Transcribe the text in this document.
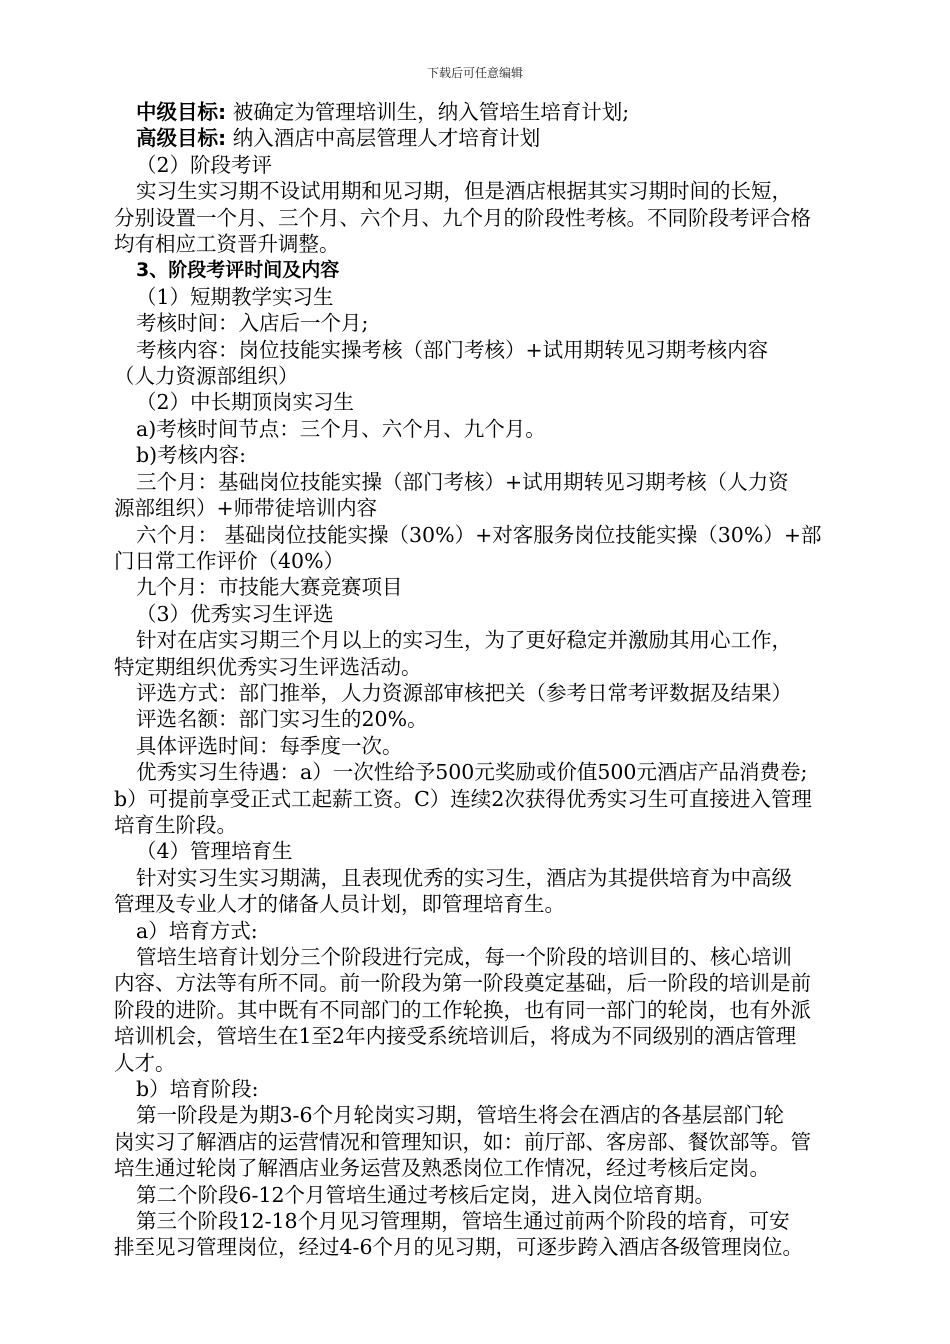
下载后可任意编辑

中级目标: 被确定为管理培训生，纳入管培生培育计划;

高级目标: 纳入酒店中高层管理人才培育计划

（2）阶段考评

实习生实习期不设试用期和见习期，但是酒店根据其实习期时间的长短，

分别设置一个月、三个月、六个月、九个月的阶段性考核。不同阶段考评合格

均有相应工资晋升调整。

3、阶段考评时间及内容

（1）短期教学实习生

考核时间：入店后一个月;

考核内容：岗位技能实操考核（部门考核）+试用期转见习期考核内容

（人力资源部组织）

（2）中长期顶岗实习生

a)考核时间节点：三个月、六个月、九个月。

b)考核内容:

三个月：基础岗位技能实操（部门考核）+试用期转见习期考核（人力资

源部组织）+师带徒培训内容

六个月： 基础岗位技能实操（30%）+对客服务岗位技能实操（30%）+部

门日常工作评价（40%）

九个月：市技能大赛竞赛项目

（3）优秀实习生评选

针对在店实习期三个月以上的实习生，为了更好稳定并激励其用心工作，

特定期组织优秀实习生评选活动。

评选方式：部门推举，人力资源部审核把关（参考日常考评数据及结果）

评选名额：部门实习生的20%。

具体评选时间：每季度一次。

优秀实习生待遇：a）一次性给予500元奖励或价值500元酒店产品消费卷;

b）可提前享受正式工起薪工资。C）连续2次获得优秀实习生可直接进入管理

培育生阶段。

（4）管理培育生

针对实习生实习期满，且表现优秀的实习生，酒店为其提供培育为中高级

管理及专业人才的储备人员计划，即管理培育生。

a）培育方式:

管培生培育计划分三个阶段进行完成，每一个阶段的培训目的、核心培训

内容、方法等有所不同。前一阶段为第一阶段奠定基础，后一阶段的培训是前

阶段的进阶。其中既有不同部门的工作轮换，也有同一部门的轮岗，也有外派

培训机会，管培生在1至2年内接受系统培训后，将成为不同级别的酒店管理

人才。

b）培育阶段:

第一阶段是为期3-6个月轮岗实习期，管培生将会在酒店的各基层部门轮

岗实习了解酒店的运营情况和管理知识，如：前厅部、客房部、餐饮部等。管

培生通过轮岗了解酒店业务运营及熟悉岗位工作情况，经过考核后定岗。

第二个阶段6-12个月管培生通过考核后定岗，进入岗位培育期。

第三个阶段12-18个月见习管理期，管培生通过前两个阶段的培育，可安

排至见习管理岗位，经过4-6个月的见习期，可逐步跨入酒店各级管理岗位。
